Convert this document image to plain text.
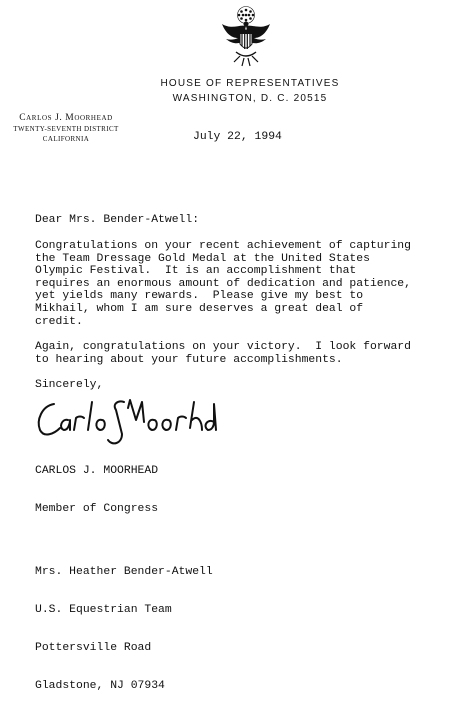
HOUSE OF REPRESENTATIVES
WASHINGTON, D. C. 20515
Carlos J. Moorhead
TWENTY-SEVENTH DISTRICT
CALIFORNIA	July 22, 1994
Dear Mrs. Bender-Atwell:
Congratulations on your recent achievement of capturing
the Team Dressage Gold Medal at the United States
Olympic Festival.  It is an accomplishment that
requires an enormous amount of dedication and patience,
yet yields many rewards.  Please give my best to
Mikhail, whom I am sure deserves a great deal of
credit.
Again, congratulations on your victory.  I look forward
to hearing about your future accomplishments.
Sincerely,

CARLOS J. MOORHEAD

Member of Congress

Mrs. Heather Bender-Atwell

U.S. Equestrian Team

Pottersville Road

Gladstone, NJ 07934
